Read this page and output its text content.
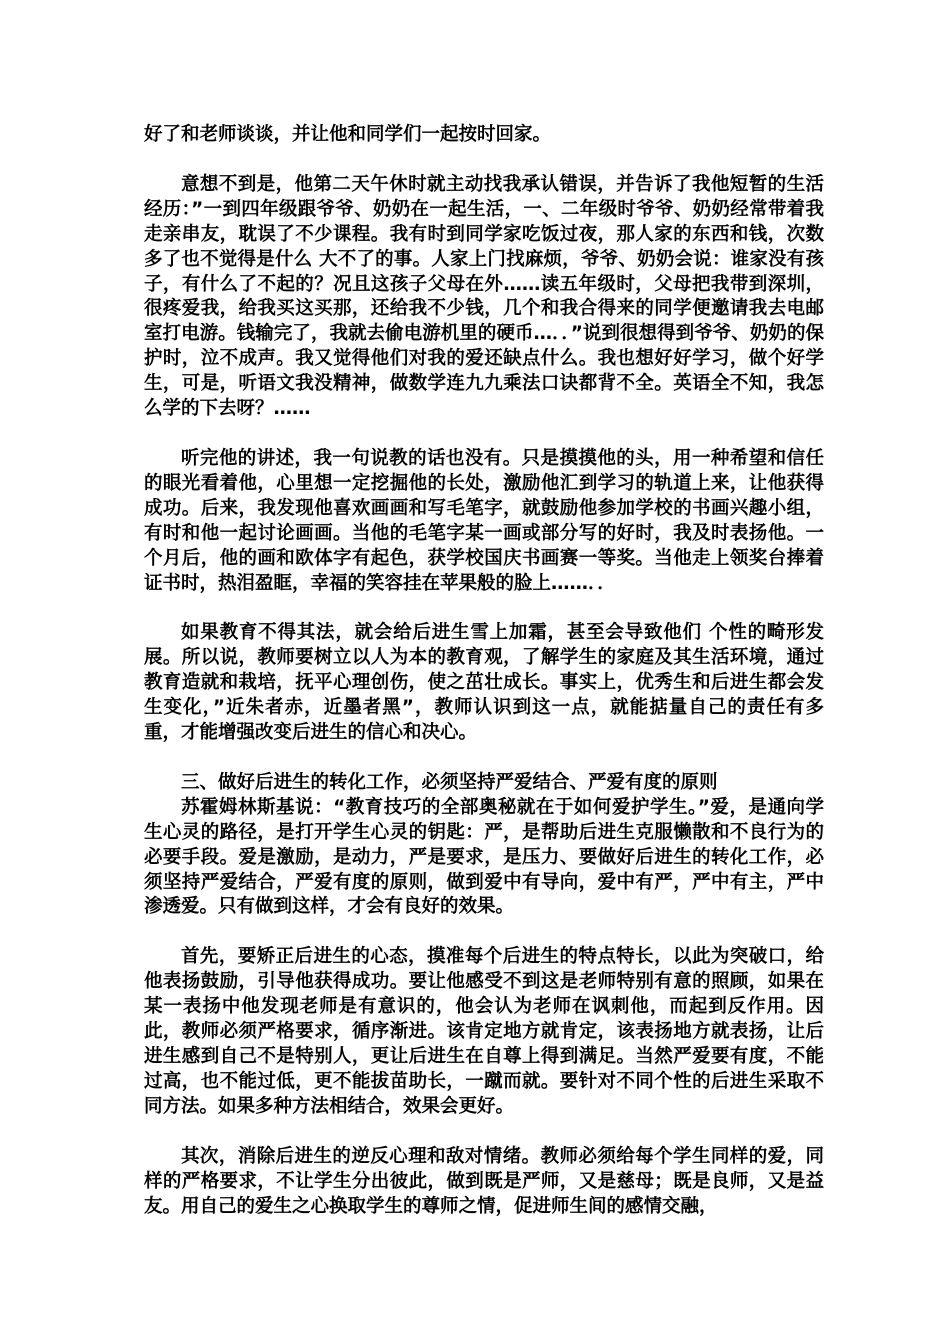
好了和老师谈谈，并让他和同学们一起按时回家。

意想不到是，他第二天午休时就主动找我承认错误，并告诉了我他短暂的生活经历：”一到四年级跟爷爷、奶奶在一起生活，一、二年级时爷爷、奶奶经常带着我走亲串友，耽误了不少课程。我有时到同学家吃饭过夜，那人家的东西和钱，次数多了也不觉得是什么 大不了的事。人家上门找麻烦，爷爷、奶奶会说：谁家没有孩子，有什么了不起的？况且这孩子父母在外……读五年级时，父母把我带到深圳，很疼爱我，给我买这买那，还给我不少钱，几个和我合得来的同学便邀请我去电邮室打电游。钱输完了，我就去偷电游机里的硬币…．．”说到很想得到爷爷、奶奶的保护时，泣不成声。我又觉得他们对我的爱还缺点什么。我也想好好学习，做个好学生，可是，听语文我没精神，做数学连九九乘法口诀都背不全。英语全不知，我怎么学的下去呀？……

听完他的讲述，我一句说教的话也没有。只是摸摸他的头，用一种希望和信任的眼光看着他，心里想一定挖掘他的长处，激励他汇到学习的轨道上来，让他获得成功。后来，我发现他喜欢画画和写毛笔字，就鼓励他参加学校的书画兴趣小组，有时和他一起讨论画画。当他的毛笔字某一画或部分写的好时，我及时表扬他。一个月后，他的画和欧体字有起色，获学校国庆书画赛一等奖。当他走上领奖台捧着证书时，热泪盈眶，幸福的笑容挂在苹果般的脸上……．．

如果教育不得其法，就会给后进生雪上加霜，甚至会导致他们 个性的畸形发展。所以说，教师要树立以人为本的教育观，了解学生的家庭及其生活环境，通过教育造就和栽培，抚平心理创伤，使之茁壮成长。事实上，优秀生和后进生都会发生变化，”近朱者赤，近墨者黑”，教师认识到这一点，就能掂量自己的责任有多重，才能增强改变后进生的信心和决心。

三、做好后进生的转化工作，必须坚持严爱结合、严爱有度的原则

苏霍姆林斯基说：“教育技巧的全部奥秘就在于如何爱护学生。”爱，是通向学生心灵的路径，是打开学生心灵的钥匙：严，是帮助后进生克服懒散和不良行为的必要手段。爱是激励，是动力，严是要求，是压力、要做好后进生的转化工作，必须坚持严爱结合，严爱有度的原则，做到爱中有导向，爱中有严，严中有主，严中渗透爱。只有做到这样，才会有良好的效果。

首先，要矫正后进生的心态，摸准每个后进生的特点特长，以此为突破口，给他表扬鼓励，引导他获得成功。要让他感受不到这是老师特别有意的照顾，如果在某一表扬中他发现老师是有意识的，他会认为老师在讽刺他，而起到反作用。因此，教师必须严格要求，循序渐进。该肯定地方就肯定，该表扬地方就表扬，让后进生感到自己不是特别人，更让后进生在自尊上得到满足。当然严爱要有度，不能过高，也不能过低，更不能拔苗助长，一蹴而就。要针对不同个性的后进生采取不同方法。如果多种方法相结合，效果会更好。

其次，消除后进生的逆反心理和敌对情绪。教师必须给每个学生同样的爱，同样的严格要求，不让学生分出彼此，做到既是严师，又是慈母；既是良师，又是益友。用自己的爱生之心换取学生的尊师之情，促进师生间的感情交融，
